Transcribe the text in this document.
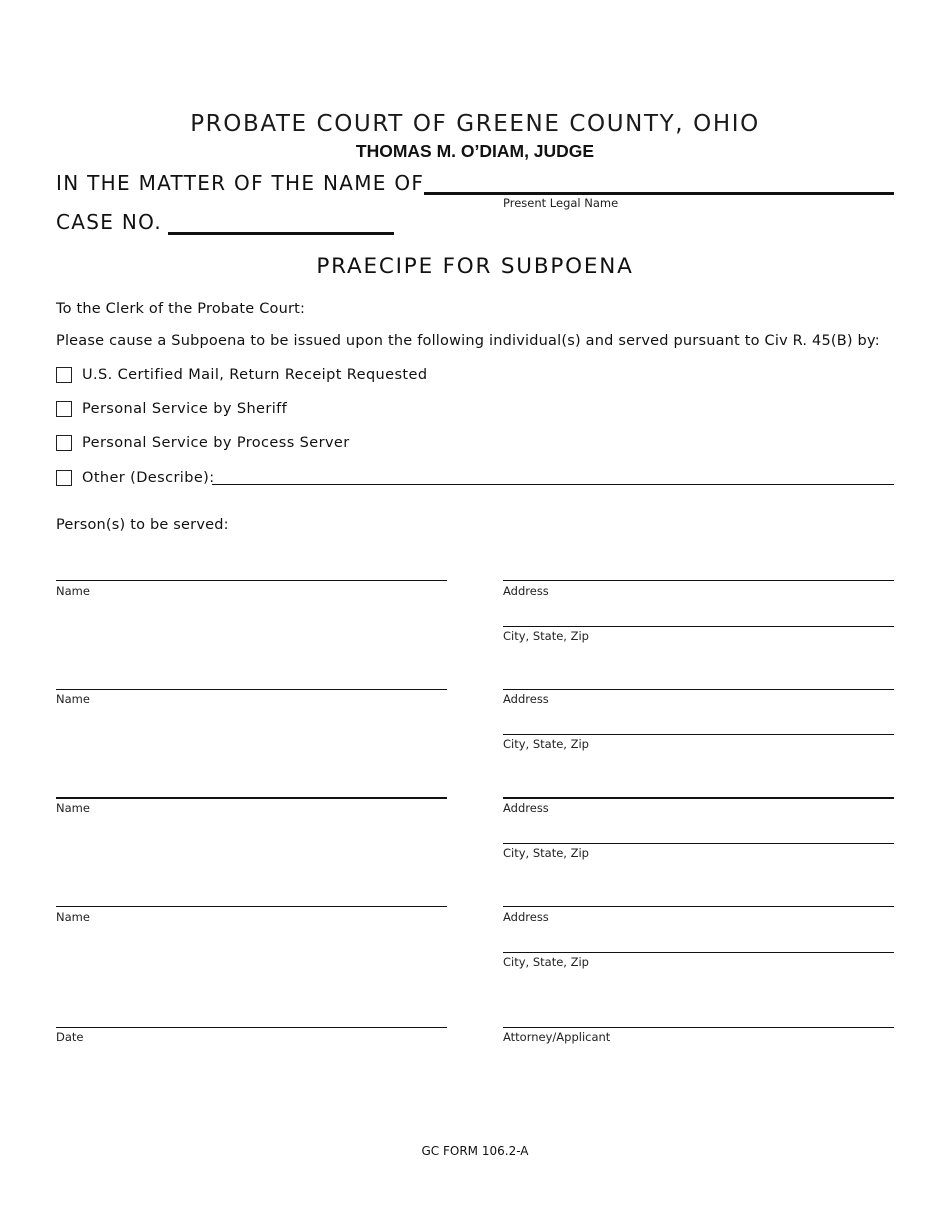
PROBATE COURT OF GREENE COUNTY, OHIO
THOMAS M. O’DIAM, JUDGE
IN THE MATTER OF THE NAME OF
Present Legal Name
CASE NO.
PRAECIPE FOR SUBPOENA
To the Clerk of the Probate Court:
Please cause a Subpoena to be issued upon the following individual(s) and served pursuant to Civ R. 45(B) by:
U.S. Certified Mail, Return Receipt Requested
Personal Service by Sheriff
Personal Service by Process Server
Other (Describe):
Person(s) to be served:
Name	Address
City, State, Zip
Name	Address
City, State, Zip
Name	Address
City, State, Zip
Name	Address
City, State, Zip
Date	Attorney/Applicant
GC FORM 106.2-A
